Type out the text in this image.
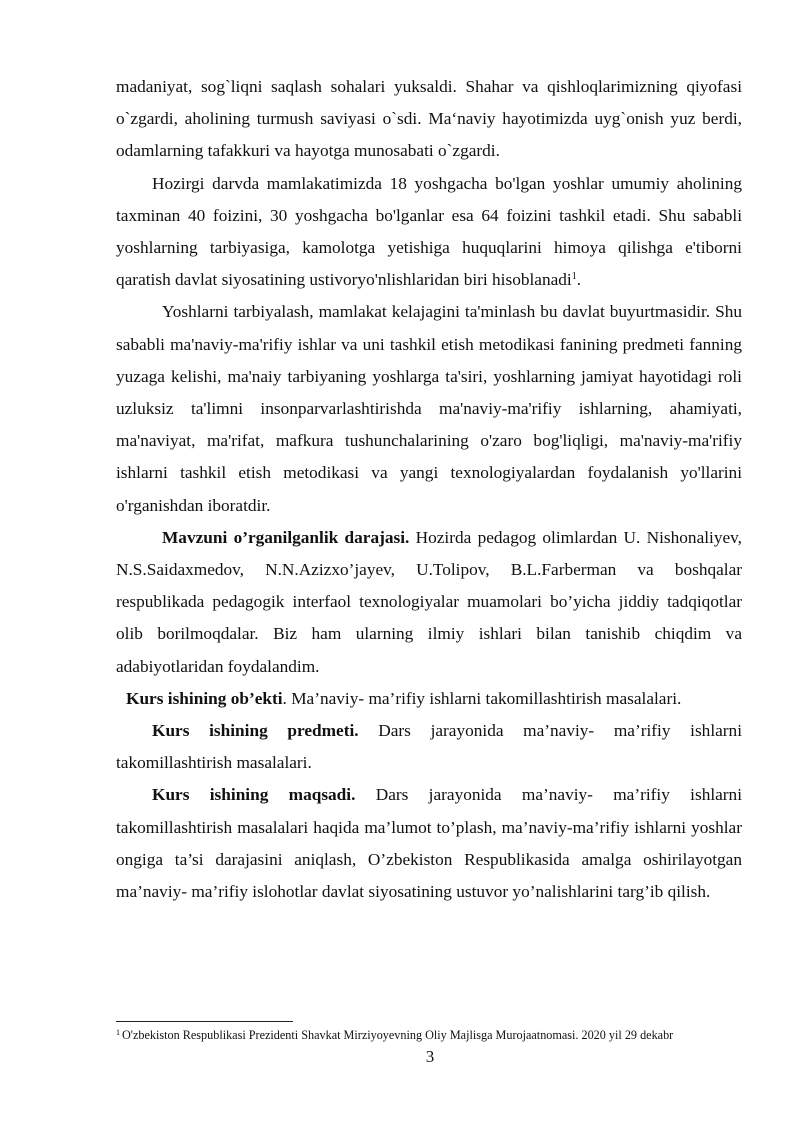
madaniyat, sog`liqni saqlash sohalari yuksaldi. Shahar va qishloqlarimizning qiyofasi o`zgardi, aholining turmush saviyasi o`sdi. Ma‘naviy hayotimizda uyg`onish yuz berdi, odamlarning tafakkuri va hayotga munosabati o`zgardi.

Hozirgi darvda mamlakatimizda 18 yoshgacha bo'lgan yoshlar umumiy aholining taxminan 40 foizini, 30 yoshgacha bo'lganlar esa 64 foizini tashkil etadi. Shu sababli yoshlarning tarbiyasiga, kamolotga yetishiga huquqlarini himoya qilishga e'tiborni qaratish davlat siyosatining ustivoryo'nlishlaridan biri hisoblanadi$^1$.

Yoshlarni tarbiyalash, mamlakat kelajagini ta'minlash bu davlat buyurtmasidir. Shu sababli ma'naviy-ma'rifiy ishlar va uni tashkil etish metodikasi fanining predmeti fanning yuzaga kelishi, ma'naiy tarbiyaning yoshlarga ta'siri, yoshlarning jamiyat hayotidagi roli uzluksiz ta'limni insonparvarlashtirishda ma'naviy-ma'rifiy ishlarning, ahamiyati, ma'naviyat, ma'rifat, mafkura tushunchalarining o'zaro bog'liqligi, ma'naviy-ma'rifiy ishlarni tashkil etish metodikasi va yangi texnologiyalardan foydalanish yo'llarini o'rganishdan iboratdir.

Mavzuni o’rganilganlik darajasi. Hozirda pedagog olimlardan U. Nishonaliyev, N.S.Saidaxmedov, N.N.Azizxo’jayev, U.Tolipov, B.L.Farberman va boshqalar respublikada pedagogik interfaol texnologiyalar muamolari bo’yicha jiddiy tadqiqotlar olib borilmoqdalar. Biz ham ularning ilmiy ishlari bilan tanishib chiqdim va adabiyotlaridan foydalandim.

Kurs ishining ob’ekti. Ma’naviy- ma’rifiy ishlarni takomillashtirish masalalari.

Kurs ishining predmeti. Dars jarayonida ma’naviy- ma’rifiy ishlarni takomillashtirish masalalari.

Kurs ishining maqsadi. Dars jarayonida ma’naviy- ma’rifiy ishlarni takomillashtirish masalalari haqida ma’lumot to’plash, ma’naviy-ma’rifiy ishlarni yoshlar ongiga ta’si darajasini aniqlash, O’zbekiston Respublikasida amalga oshirilayotgan ma’naviy- ma’rifiy islohotlar davlat siyosatining ustuvor yo’nalishlarini targ’ib qilish.

$^1$ O'zbekiston Respublikasi Prezidenti Shavkat Mirziyoyevning Oliy Majlisga Murojaatnomasi. 2020 yil 29 dekabr
3
